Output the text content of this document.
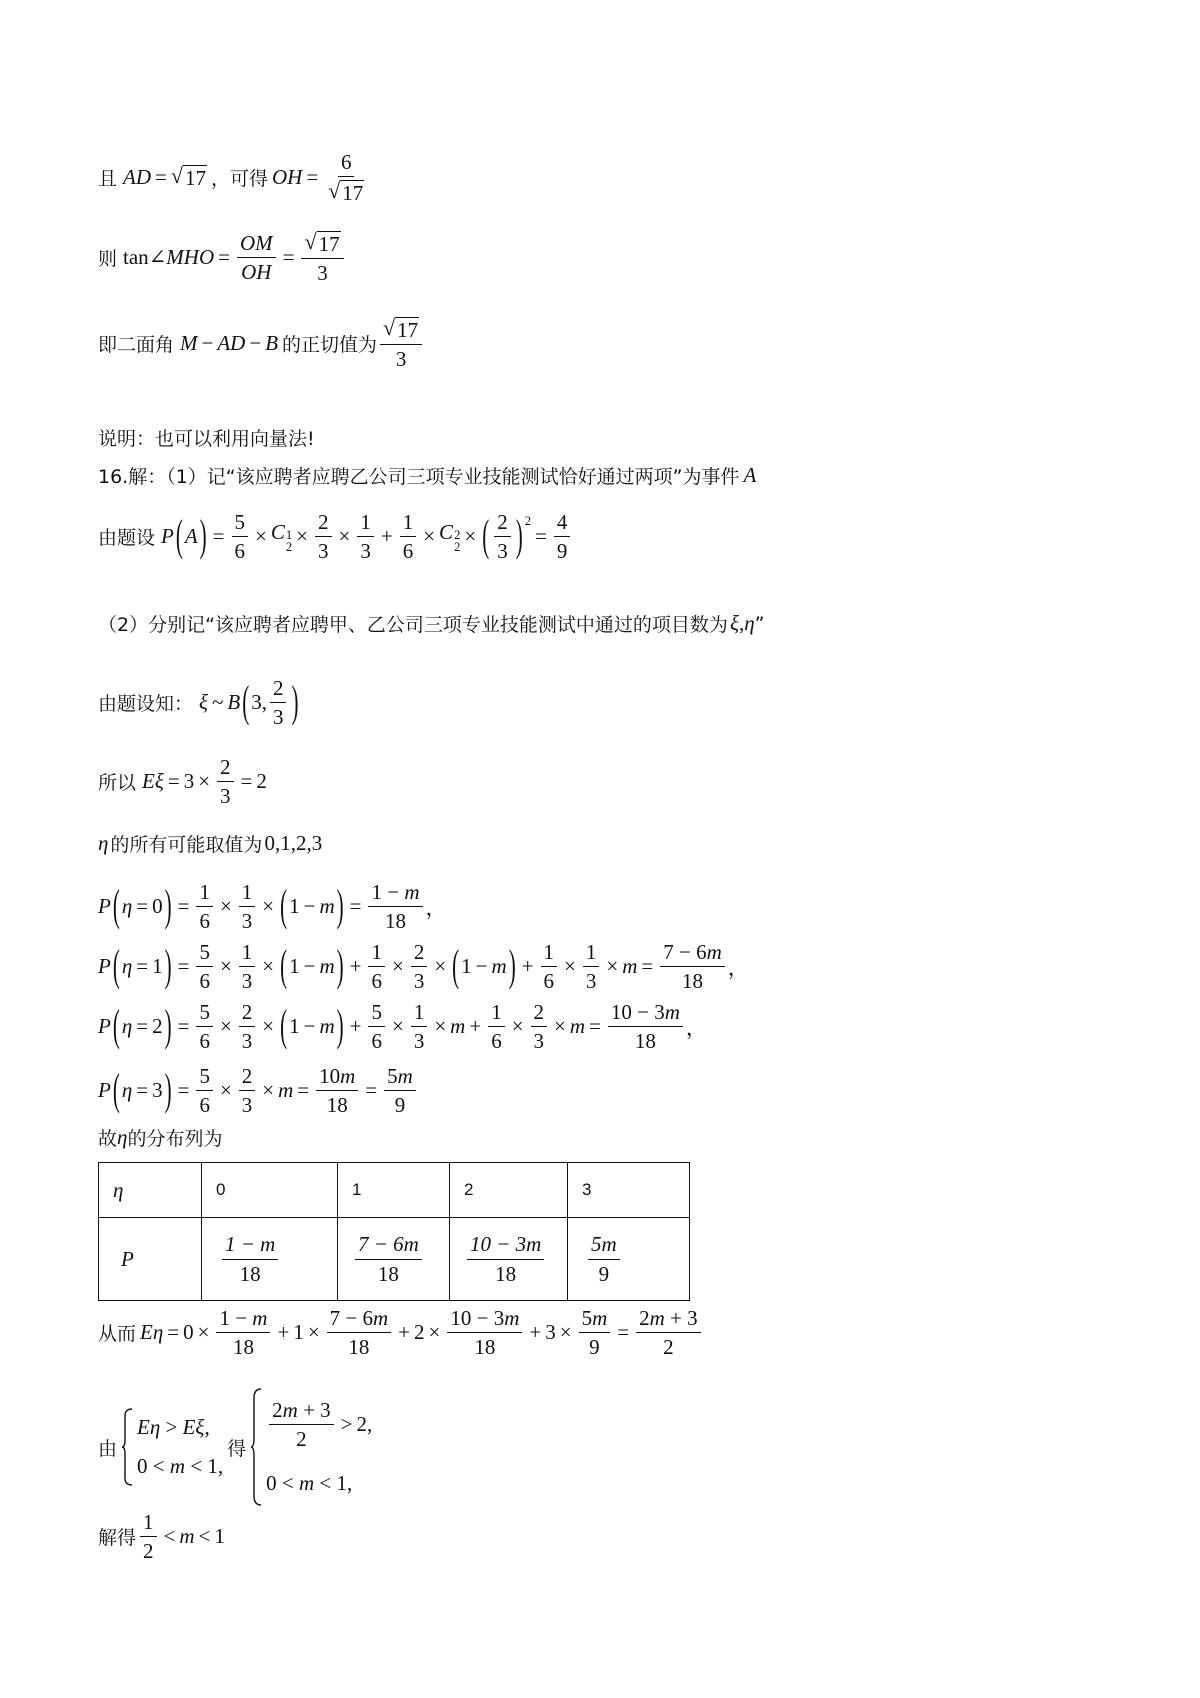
且 AD = √ 17 ，可得 OH = $\frac{6}{√ 17}$
则 tan∠ MHO = $\frac{OM}{OH} = \frac{√ 17}{3}$
即二面角 M − AD − B 的正切值为 $\frac{√ 17}{3}$
说明：也可以利用向量法!
16.解：（1）记“该应聘者应聘乙公司三项专业技能测试恰好通过两项”为事件 A
由题设 P ( A ) = $\frac{5}{6} \times C$ 1
$2 \times \frac{2}{3} \times \frac{1}{3} + \frac{1}{6} \times C$ 2
2 × ( $\frac{2}{3}$ ) 2
= $\frac{4}{9}$
（2）分别记“该应聘者应聘甲、乙公司三项专业技能测试中通过的项目数为 ξ , η ”
由题设知： ξ ~ B ( 3, $\frac{2}{3}$ )
所以 $E\xi = 3 \times \frac{2}{3} = 2$
η 的所有可能取值为 0,1,2,3
P ( η = 0 ) = $\frac{1}{6} \times \frac{1}{3}$ × ( 1 − m ) = $\frac{1 - m}{18}$ ，
P ( η = 1 ) = $\frac{5}{6} \times \frac{1}{3}$ × ( 1 − m ) + $\frac{1}{6} \times \frac{2}{3}$ × ( 1 − m ) + $\frac{1}{6} \times \frac{1}{3} \times m = \frac{7 - 6m}{18}$ ，
P ( η = 2 ) = $\frac{5}{6} \times \frac{2}{3}$ × ( 1 − m ) + $\frac{5}{6} \times \frac{1}{3} \times m + \frac{1}{6} \times \frac{2}{3} \times m = \frac{10 - 3m}{18}$ ，
P ( η = 3 ) = $\frac{5}{6} \times \frac{2}{3} \times m = \frac{10m}{18} = \frac{5m}{9}$
故 η 的分布列为
η	0	1	2	3
P	$\frac{1 - m}{18}$	$\frac{7 - 6m}{18}$	$\frac{10 - 3m}{18}$	$\frac{5m}{9}$
从而 $E\eta = 0 \times \frac{1 - m}{18} + 1 \times \frac{7 - 6m}{18} + 2 \times \frac{10 - 3m}{18} + 3 \times \frac{5m}{9} = \frac{2m + 3}{2}$
由
Eη > Eξ,
0 < m < 1,
得 $\frac{2m + 3}{2} > 2$,
0 < m < 1,
解得 $\frac{1}{2} < m < 1$
